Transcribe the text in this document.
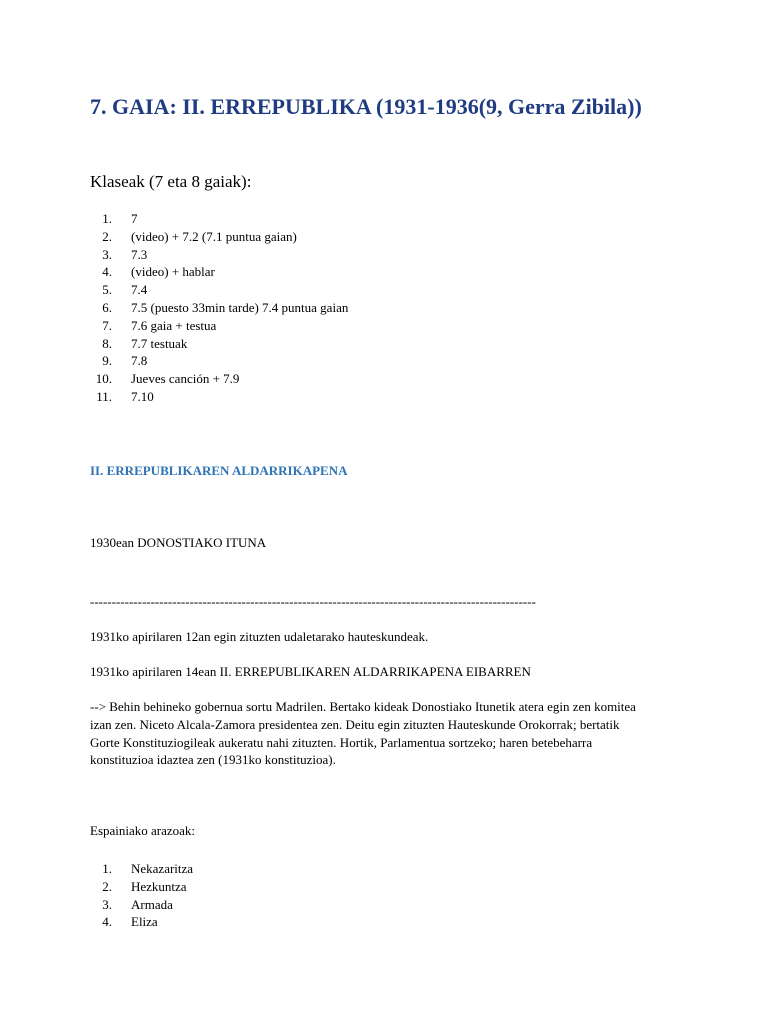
7. GAIA: II. ERREPUBLIKA (1931-1936(9, Gerra Zibila))
Klaseak (7 eta 8 gaiak):
1. 7
2. (video) + 7.2 (7.1 puntua gaian)
3. 7.3
4. (video) + hablar
5. 7.4
6. 7.5 (puesto 33min tarde) 7.4 puntua gaian
7. 7.6 gaia + testua
8. 7.7 testuak
9. 7.8
10. Jueves canción + 7.9
11. 7.10
II. ERREPUBLIKAREN ALDARRIKAPENA

1930ean DONOSTIAKO ITUNA

-------------------------------------------------------------------------------------------------------

1931ko apirilaren 12an egin zituzten udaletarako hauteskundeak.

1931ko apirilaren 14ean II. ERREPUBLIKAREN ALDARRIKAPENA EIBARREN

--> Behin behineko gobernua sortu Madrilen. Bertako kideak Donostiako Itunetik atera egin zen komitea
izan zen. Niceto Alcala-Zamora presidentea zen. Deitu egin zituzten Hauteskunde Orokorrak; bertatik
Gorte Konstituziogileak aukeratu nahi zituzten. Hortik, Parlamentua sortzeko; haren betebeharra
konstituzioa idaztea zen (1931ko konstituzioa).

Espainiako arazoak:

1. Nekazaritza
2. Hezkuntza
3. Armada
4. Eliza
